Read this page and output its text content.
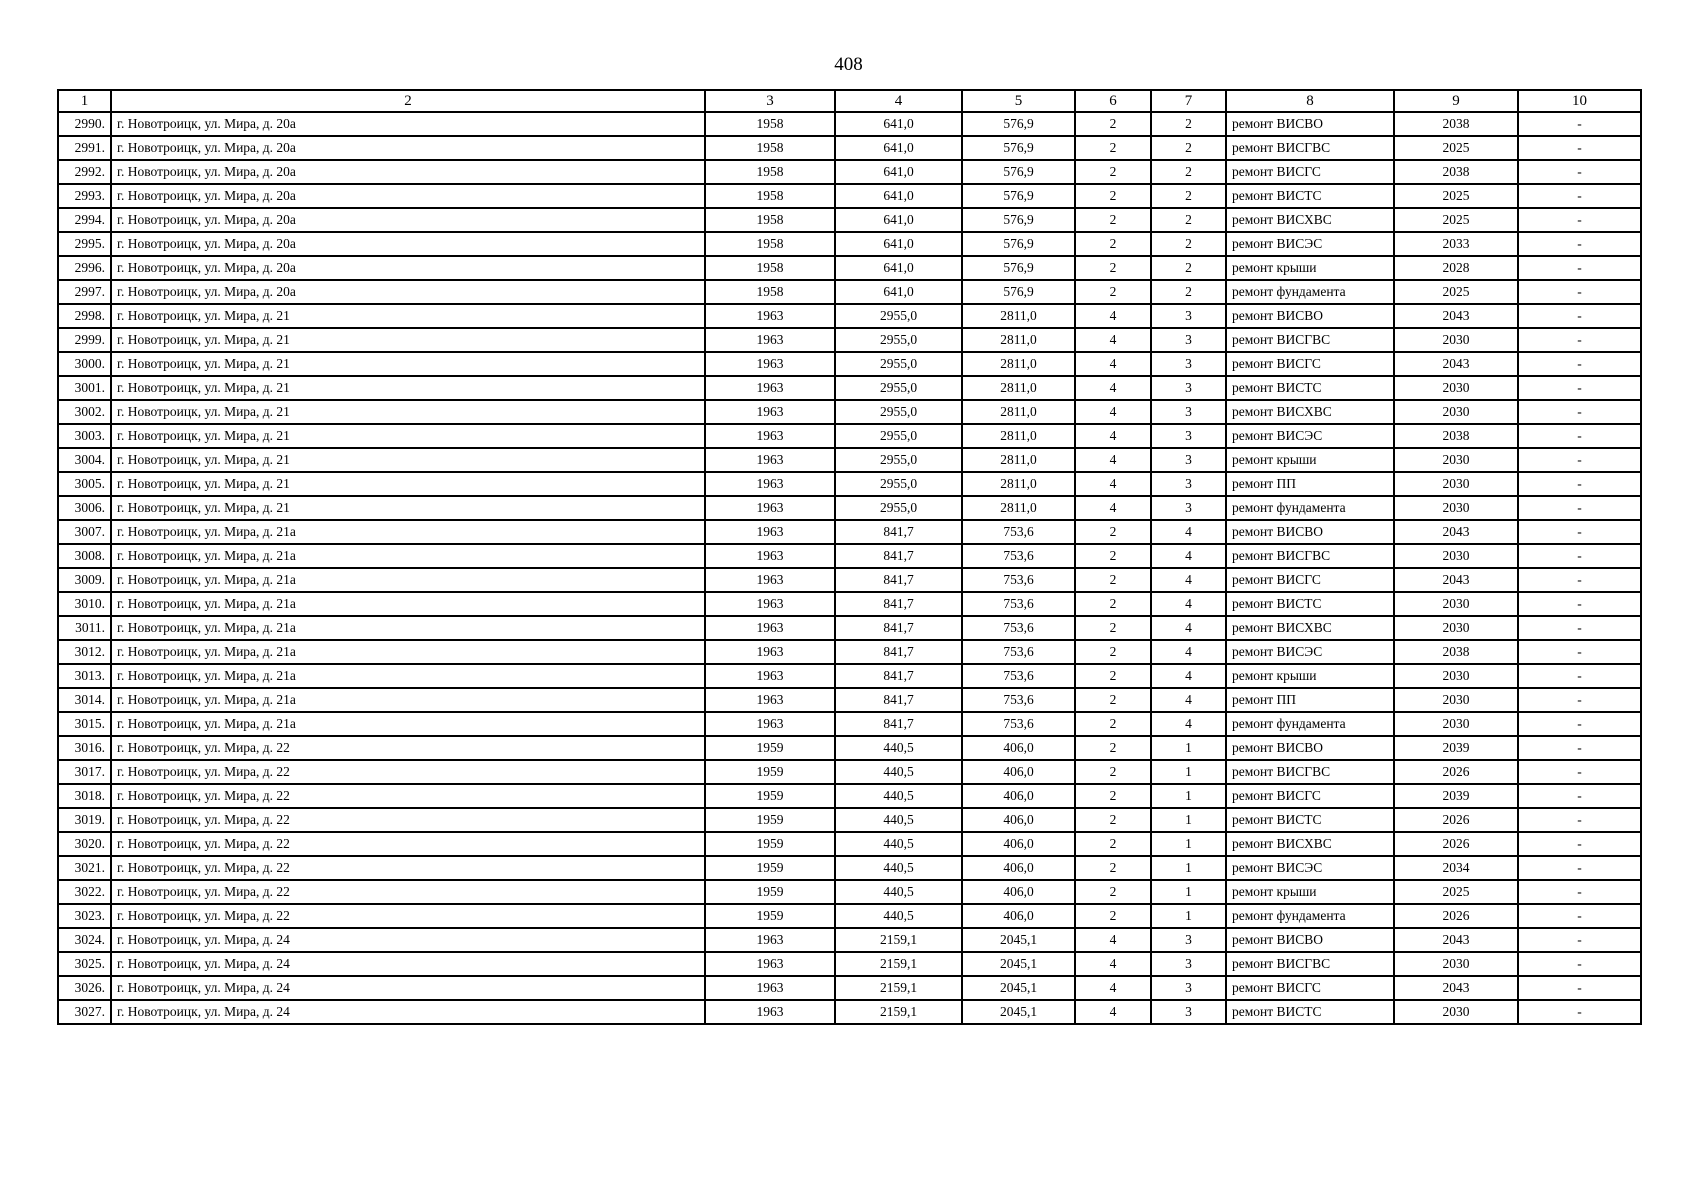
408
1	2	3	4	5	6	7	8	9	10
2990.	г. Новотроицк, ул. Мира, д. 20а	1958	641,0	576,9	2	2	ремонт ВИСВО	2038	-
2991.	г. Новотроицк, ул. Мира, д. 20а	1958	641,0	576,9	2	2	ремонт ВИСГВС	2025	-
2992.	г. Новотроицк, ул. Мира, д. 20а	1958	641,0	576,9	2	2	ремонт ВИСГС	2038	-
2993.	г. Новотроицк, ул. Мира, д. 20а	1958	641,0	576,9	2	2	ремонт ВИСТС	2025	-
2994.	г. Новотроицк, ул. Мира, д. 20а	1958	641,0	576,9	2	2	ремонт ВИСХВС	2025	-
2995.	г. Новотроицк, ул. Мира, д. 20а	1958	641,0	576,9	2	2	ремонт ВИСЭС	2033	-
2996.	г. Новотроицк, ул. Мира, д. 20а	1958	641,0	576,9	2	2	ремонт крыши	2028	-
2997.	г. Новотроицк, ул. Мира, д. 20а	1958	641,0	576,9	2	2	ремонт фундамента	2025	-
2998.	г. Новотроицк, ул. Мира, д. 21	1963	2955,0	2811,0	4	3	ремонт ВИСВО	2043	-
2999.	г. Новотроицк, ул. Мира, д. 21	1963	2955,0	2811,0	4	3	ремонт ВИСГВС	2030	-
3000.	г. Новотроицк, ул. Мира, д. 21	1963	2955,0	2811,0	4	3	ремонт ВИСГС	2043	-
3001.	г. Новотроицк, ул. Мира, д. 21	1963	2955,0	2811,0	4	3	ремонт ВИСТС	2030	-
3002.	г. Новотроицк, ул. Мира, д. 21	1963	2955,0	2811,0	4	3	ремонт ВИСХВС	2030	-
3003.	г. Новотроицк, ул. Мира, д. 21	1963	2955,0	2811,0	4	3	ремонт ВИСЭС	2038	-
3004.	г. Новотроицк, ул. Мира, д. 21	1963	2955,0	2811,0	4	3	ремонт крыши	2030	-
3005.	г. Новотроицк, ул. Мира, д. 21	1963	2955,0	2811,0	4	3	ремонт ПП	2030	-
3006.	г. Новотроицк, ул. Мира, д. 21	1963	2955,0	2811,0	4	3	ремонт фундамента	2030	-
3007.	г. Новотроицк, ул. Мира, д. 21а	1963	841,7	753,6	2	4	ремонт ВИСВО	2043	-
3008.	г. Новотроицк, ул. Мира, д. 21а	1963	841,7	753,6	2	4	ремонт ВИСГВС	2030	-
3009.	г. Новотроицк, ул. Мира, д. 21а	1963	841,7	753,6	2	4	ремонт ВИСГС	2043	-
3010.	г. Новотроицк, ул. Мира, д. 21а	1963	841,7	753,6	2	4	ремонт ВИСТС	2030	-
3011.	г. Новотроицк, ул. Мира, д. 21а	1963	841,7	753,6	2	4	ремонт ВИСХВС	2030	-
3012.	г. Новотроицк, ул. Мира, д. 21а	1963	841,7	753,6	2	4	ремонт ВИСЭС	2038	-
3013.	г. Новотроицк, ул. Мира, д. 21а	1963	841,7	753,6	2	4	ремонт крыши	2030	-
3014.	г. Новотроицк, ул. Мира, д. 21а	1963	841,7	753,6	2	4	ремонт ПП	2030	-
3015.	г. Новотроицк, ул. Мира, д. 21а	1963	841,7	753,6	2	4	ремонт фундамента	2030	-
3016.	г. Новотроицк, ул. Мира, д. 22	1959	440,5	406,0	2	1	ремонт ВИСВО	2039	-
3017.	г. Новотроицк, ул. Мира, д. 22	1959	440,5	406,0	2	1	ремонт ВИСГВС	2026	-
3018.	г. Новотроицк, ул. Мира, д. 22	1959	440,5	406,0	2	1	ремонт ВИСГС	2039	-
3019.	г. Новотроицк, ул. Мира, д. 22	1959	440,5	406,0	2	1	ремонт ВИСТС	2026	-
3020.	г. Новотроицк, ул. Мира, д. 22	1959	440,5	406,0	2	1	ремонт ВИСХВС	2026	-
3021.	г. Новотроицк, ул. Мира, д. 22	1959	440,5	406,0	2	1	ремонт ВИСЭС	2034	-
3022.	г. Новотроицк, ул. Мира, д. 22	1959	440,5	406,0	2	1	ремонт крыши	2025	-
3023.	г. Новотроицк, ул. Мира, д. 22	1959	440,5	406,0	2	1	ремонт фундамента	2026	-
3024.	г. Новотроицк, ул. Мира, д. 24	1963	2159,1	2045,1	4	3	ремонт ВИСВО	2043	-
3025.	г. Новотроицк, ул. Мира, д. 24	1963	2159,1	2045,1	4	3	ремонт ВИСГВС	2030	-
3026.	г. Новотроицк, ул. Мира, д. 24	1963	2159,1	2045,1	4	3	ремонт ВИСГС	2043	-
3027.	г. Новотроицк, ул. Мира, д. 24	1963	2159,1	2045,1	4	3	ремонт ВИСТС	2030	-
